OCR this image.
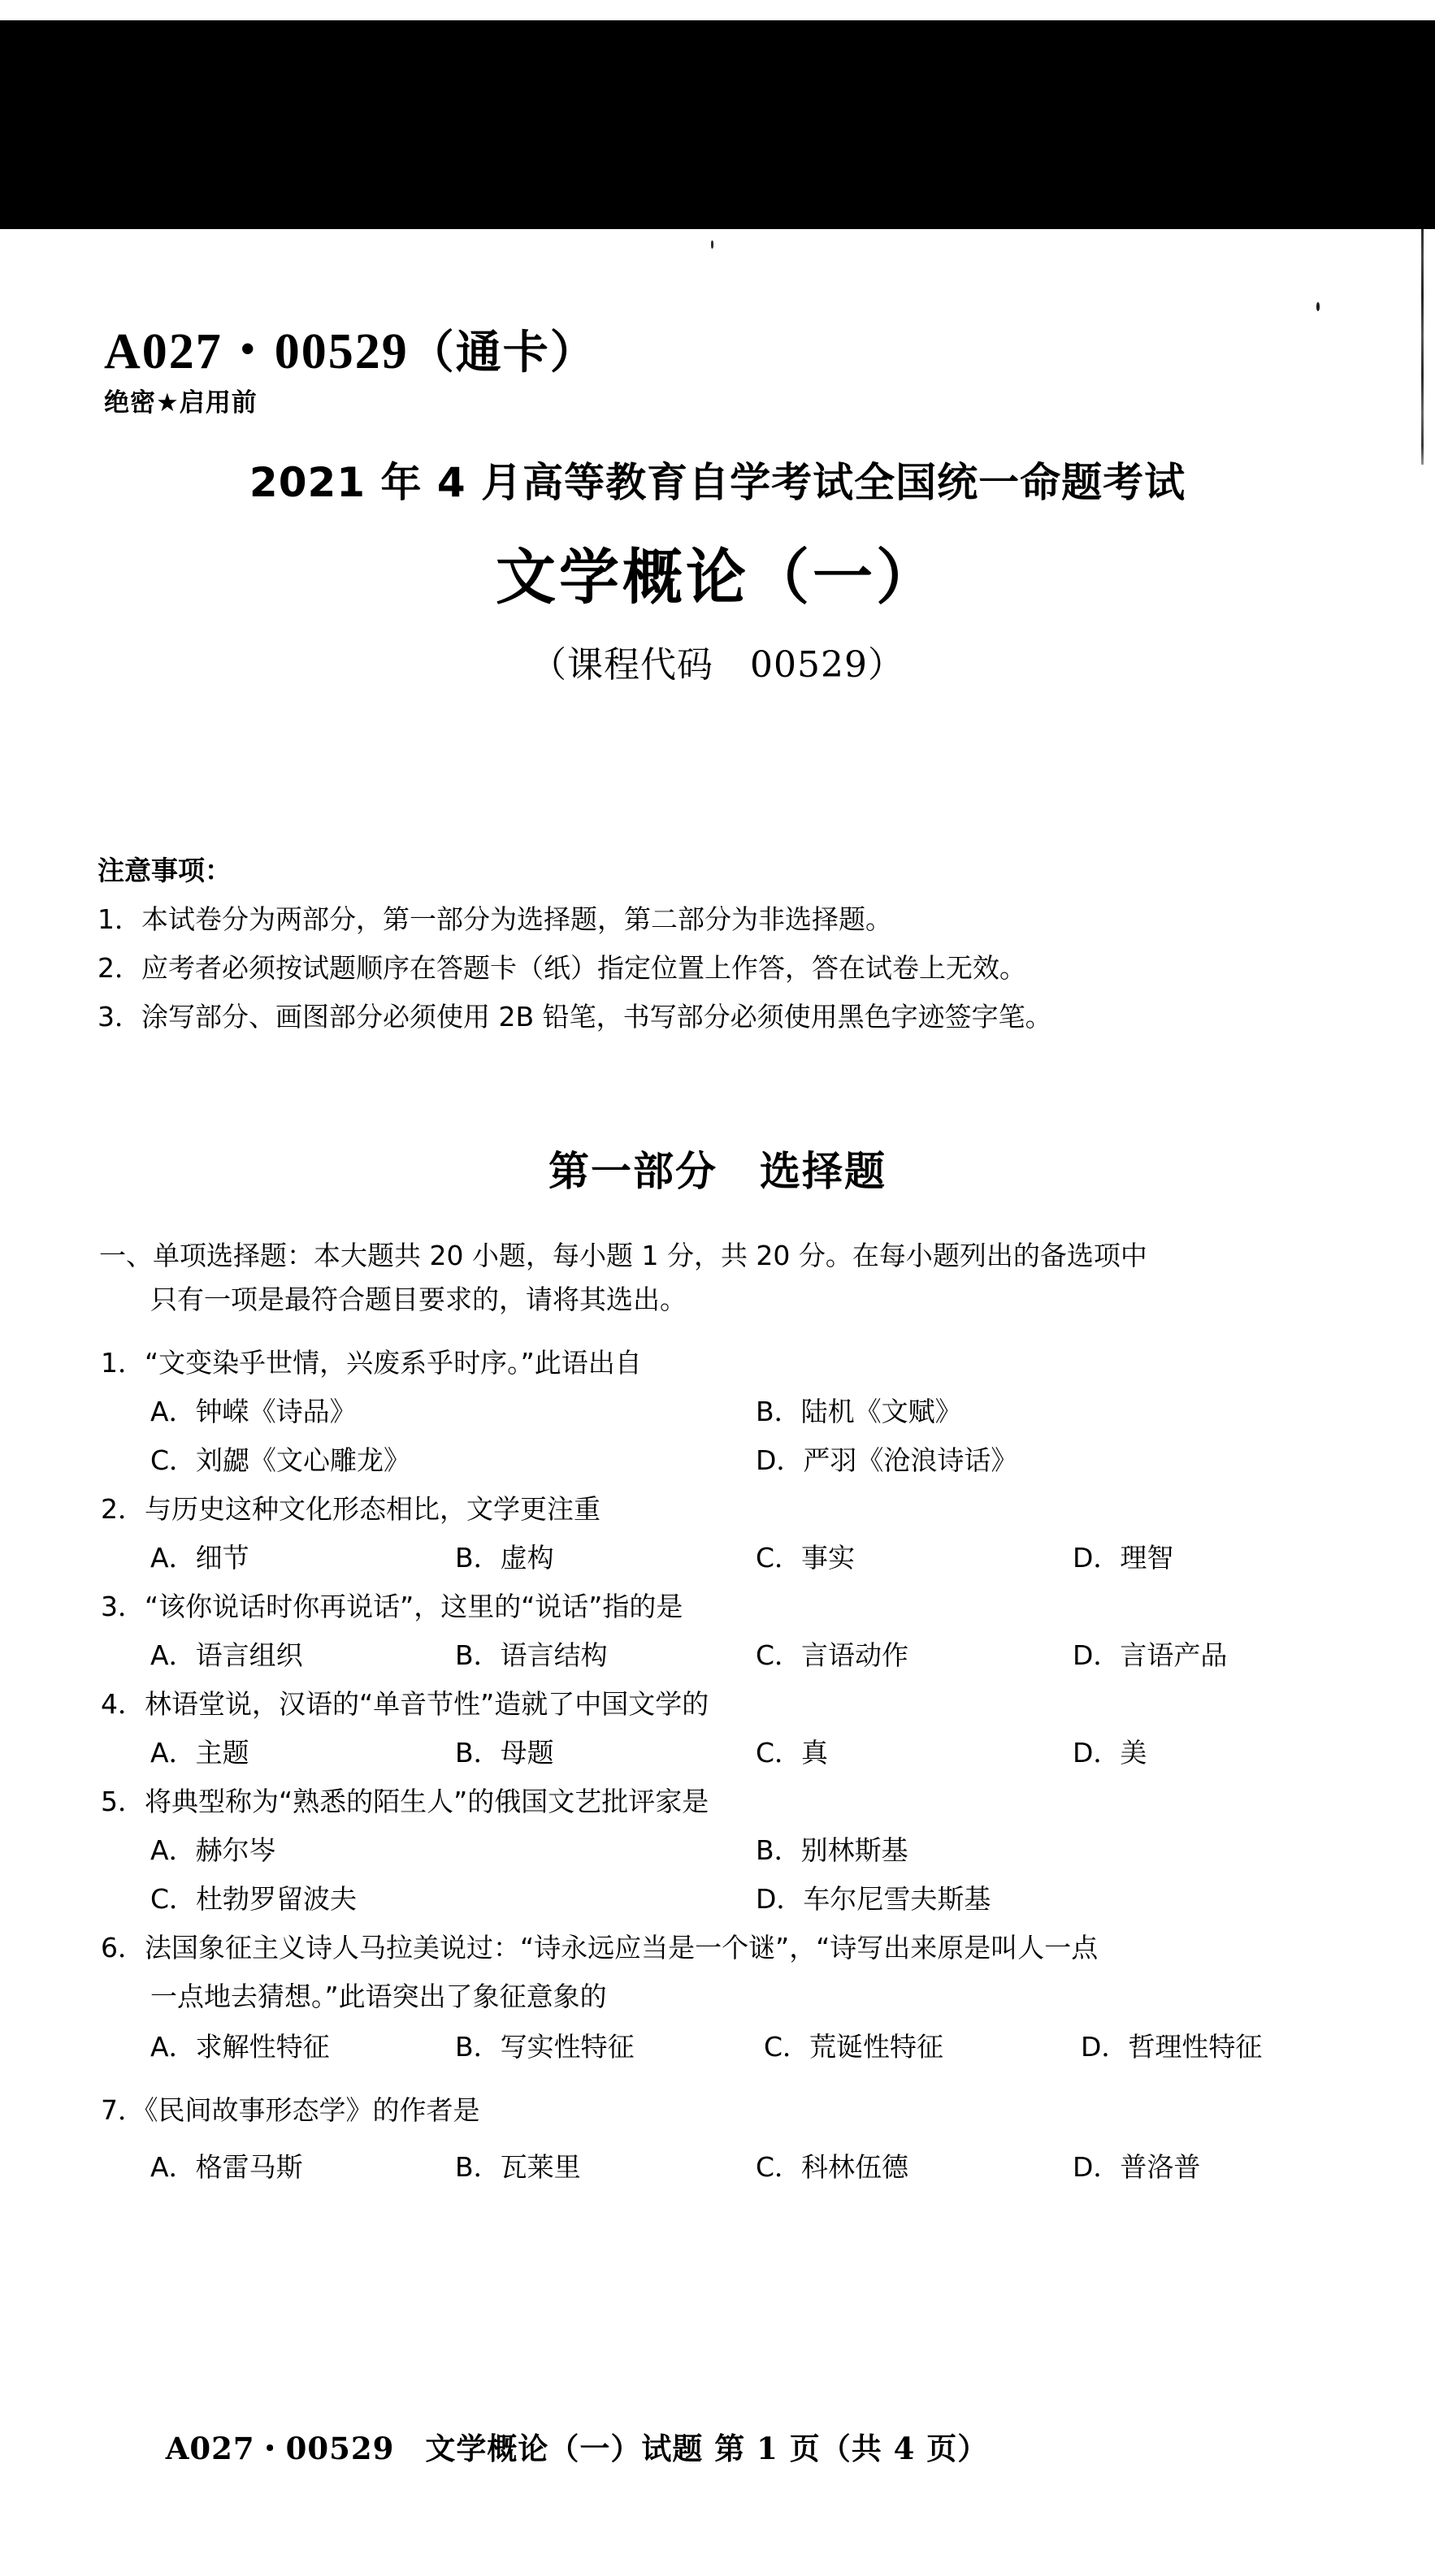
A027・00529（通卡）
绝密★启用前
2021 年 4 月高等教育自学考试全国统一命题考试
文学概论（一）
（课程代码　00529）
注意事项：
1．本试卷分为两部分，第一部分为选择题，第二部分为非选择题。
2．应考者必须按试题顺序在答题卡（纸）指定位置上作答，答在试卷上无效。
3．涂写部分、画图部分必须使用 2B 铅笔，书写部分必须使用黑色字迹签字笔。
第一部分　选择题
一、单项选择题：本大题共 20 小题，每小题 1 分，共 20 分。在每小题列出的备选项中
只有一项是最符合题目要求的，请将其选出。
1．“文变染乎世情，兴废系乎时序。”此语出自
A．钟嵘《诗品》	B．陆机《文赋》
C．刘勰《文心雕龙》	D．严羽《沧浪诗话》
2．与历史这种文化形态相比，文学更注重
A．细节	B．虚构	C．事实	D．理智
3．“该你说话时你再说话”，这里的“说话”指的是
A．语言组织	B．语言结构	C．言语动作	D．言语产品
4．林语堂说，汉语的“单音节性”造就了中国文学的
A．主题	B．母题	C．真	D．美
5．将典型称为“熟悉的陌生人”的俄国文艺批评家是
A．赫尔岑	B．别林斯基
C．杜勃罗留波夫	D．车尔尼雪夫斯基
6．法国象征主义诗人马拉美说过：“诗永远应当是一个谜”，“诗写出来原是叫人一点
一点地去猜想。”此语突出了象征意象的
A．求解性特征	B．写实性特征	C．荒诞性特征	D．哲理性特征
7．《民间故事形态学》的作者是
A．格雷马斯	B．瓦莱里	C．科林伍德	D．普洛普
A027・00529　文学概论（一）试题 第 1 页（共 4 页）
